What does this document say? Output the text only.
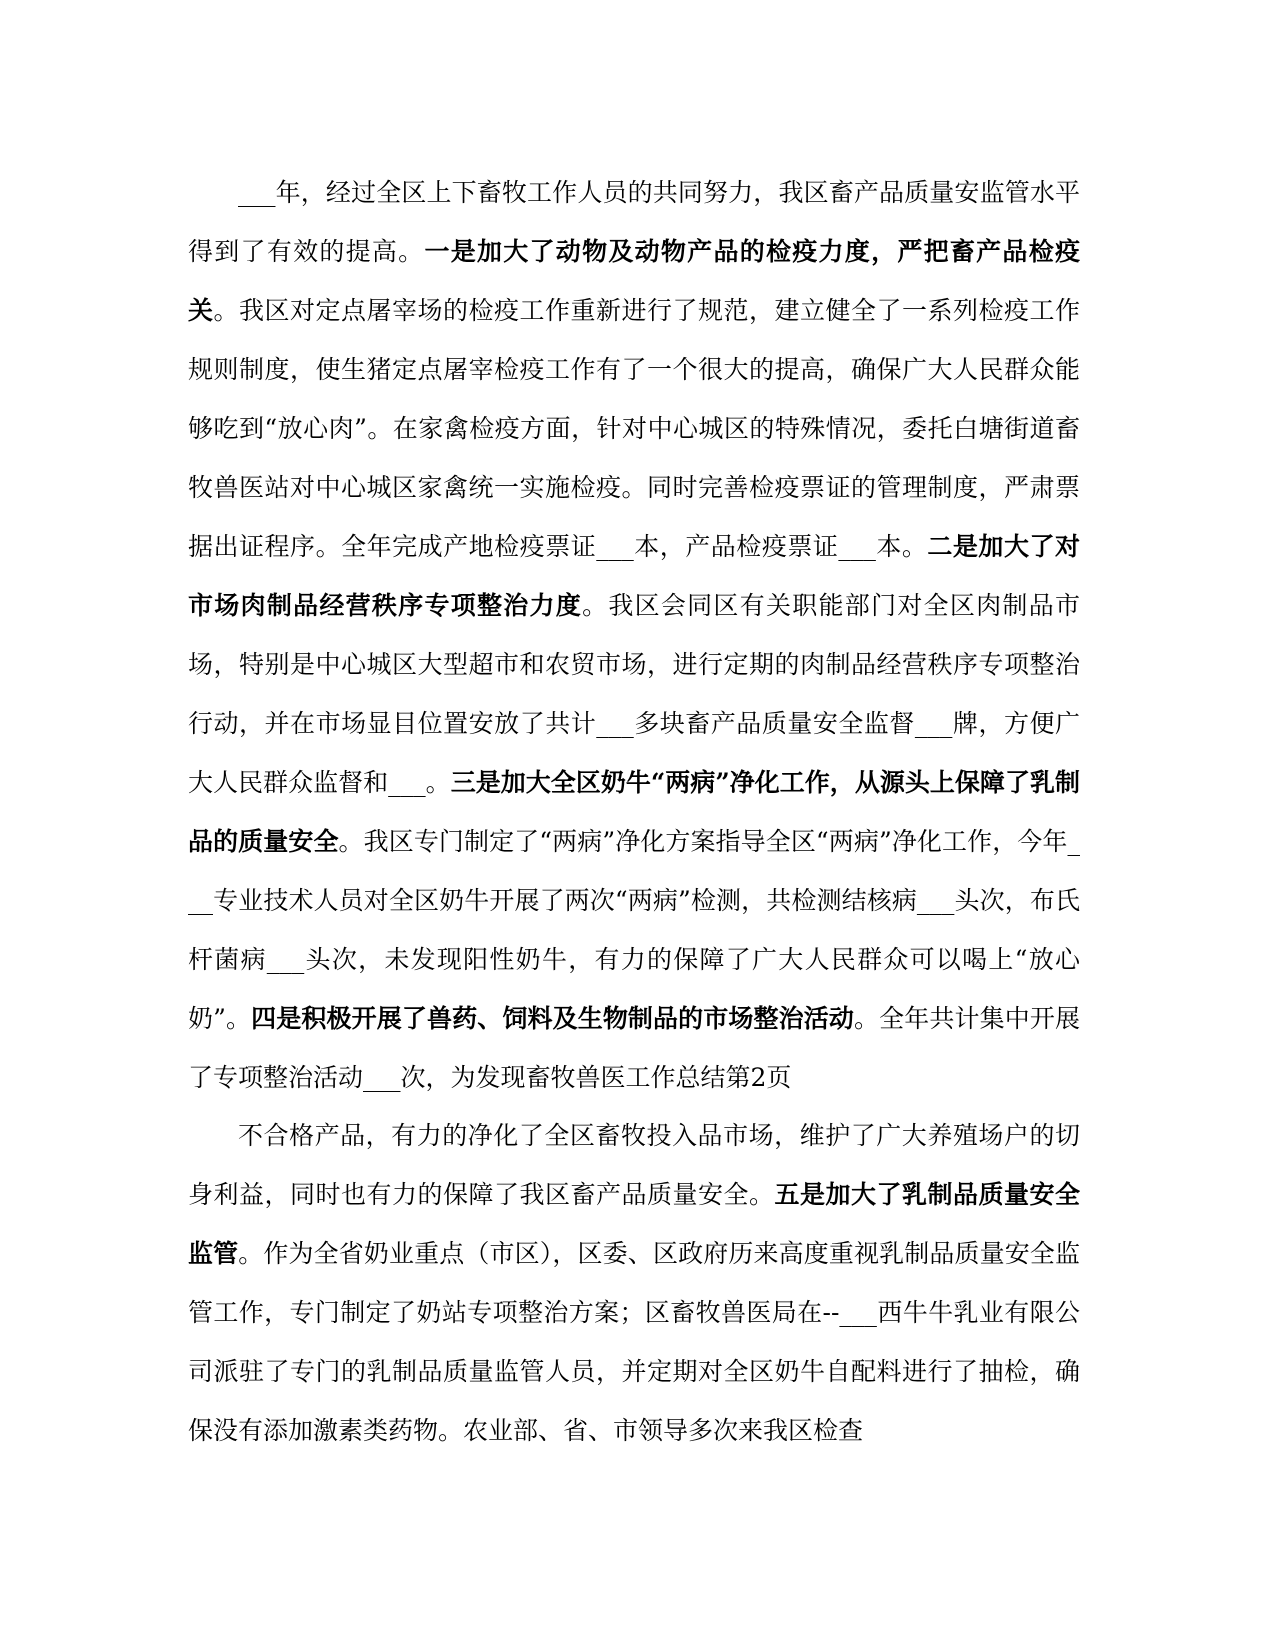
___年，经过全区上下畜牧工作人员的共同努力，我区畜产品质量安监管水平得到了有效的提高。一是加大了动物及动物产品的检疫力度，严把畜产品检疫关。我区对定点屠宰场的检疫工作重新进行了规范，建立健全了一系列检疫工作规则制度，使生猪定点屠宰检疫工作有了一个很大的提高，确保广大人民群众能够吃到“放心肉”。在家禽检疫方面，针对中心城区的特殊情况，委托白塘街道畜牧兽医站对中心城区家禽统一实施检疫。同时完善检疫票证的管理制度，严肃票据出证程序。全年完成产地检疫票证___本，产品检疫票证___本。二是加大了对市场肉制品经营秩序专项整治力度。我区会同区有关职能部门对全区肉制品市场，特别是中心城区大型超市和农贸市场，进行定期的肉制品经营秩序专项整治行动，并在市场显目位置安放了共计___多块畜产品质量安全监督___牌，方便广大人民群众监督和___。三是加大全区奶牛“两病”净化工作，从源头上保障了乳制品的质量安全。我区专门制定了“两病”净化方案指导全区“两病”净化工作，今年___专业技术人员对全区奶牛开展了两次“两病”检测，共检测结核病___头次，布氏杆菌病___头次，未发现阳性奶牛，有力的保障了广大人民群众可以喝上“放心奶”。四是积极开展了兽药、饲料及生物制品的市场整治活动。全年共计集中开展了专项整治活动___次，为发现畜牧兽医工作总结第2页

不合格产品，有力的净化了全区畜牧投入品市场，维护了广大养殖场户的切身利益，同时也有力的保障了我区畜产品质量安全。五是加大了乳制品质量安全监管。作为全省奶业重点（市区），区委、区政府历来高度重视乳制品质量安全监管工作，专门制定了奶站专项整治方案；区畜牧兽医局在--___西牛牛乳业有限公司派驻了专门的乳制品质量监管人员，并定期对全区奶牛自配料进行了抽检，确保没有添加激素类药物。农业部、省、市领导多次来我区检查
